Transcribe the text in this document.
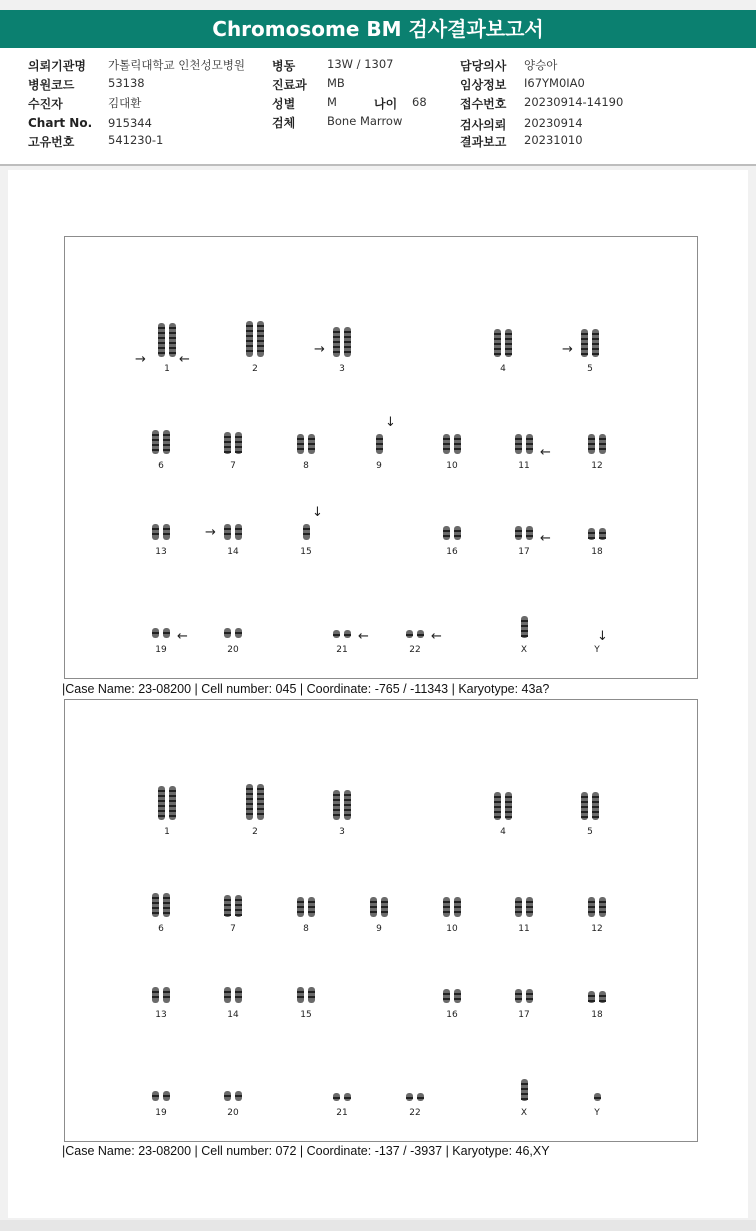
Chromosome BM 검사결과보고서
의뢰기관명 가톨릭대학교 인천성모병원
병원코드	53138
수진자	김대환
Chart No. 915344
고유번호	541230-1
병동	13W / 1307
진료과 MB
성별	M	나이 68
검체	Bone Marrow
담당의사 양승아
임상정보 I67YM0IA0
접수번호 20230914-14190
검사의뢰 20230914
결과보고 20231010
1	2	3	4	5
6	7	8	9	10	11	12
13	14	15	16	17	18
19	20	21	22	X	Y
→	←
→	→
↓
←
→
↓
←
←	←	←	↓
|Case Name: 23-08200 | Cell number: 045 | Coordinate: -765 / -11343 | Karyotype: 43a?
1	2	3	4	5
6	7	8	9	10	11	12
13	14	15	16	17	18
19	20	21	22	X	Y
|Case Name: 23-08200 | Cell number: 072 | Coordinate: -137 / -3937 | Karyotype: 46,XY
